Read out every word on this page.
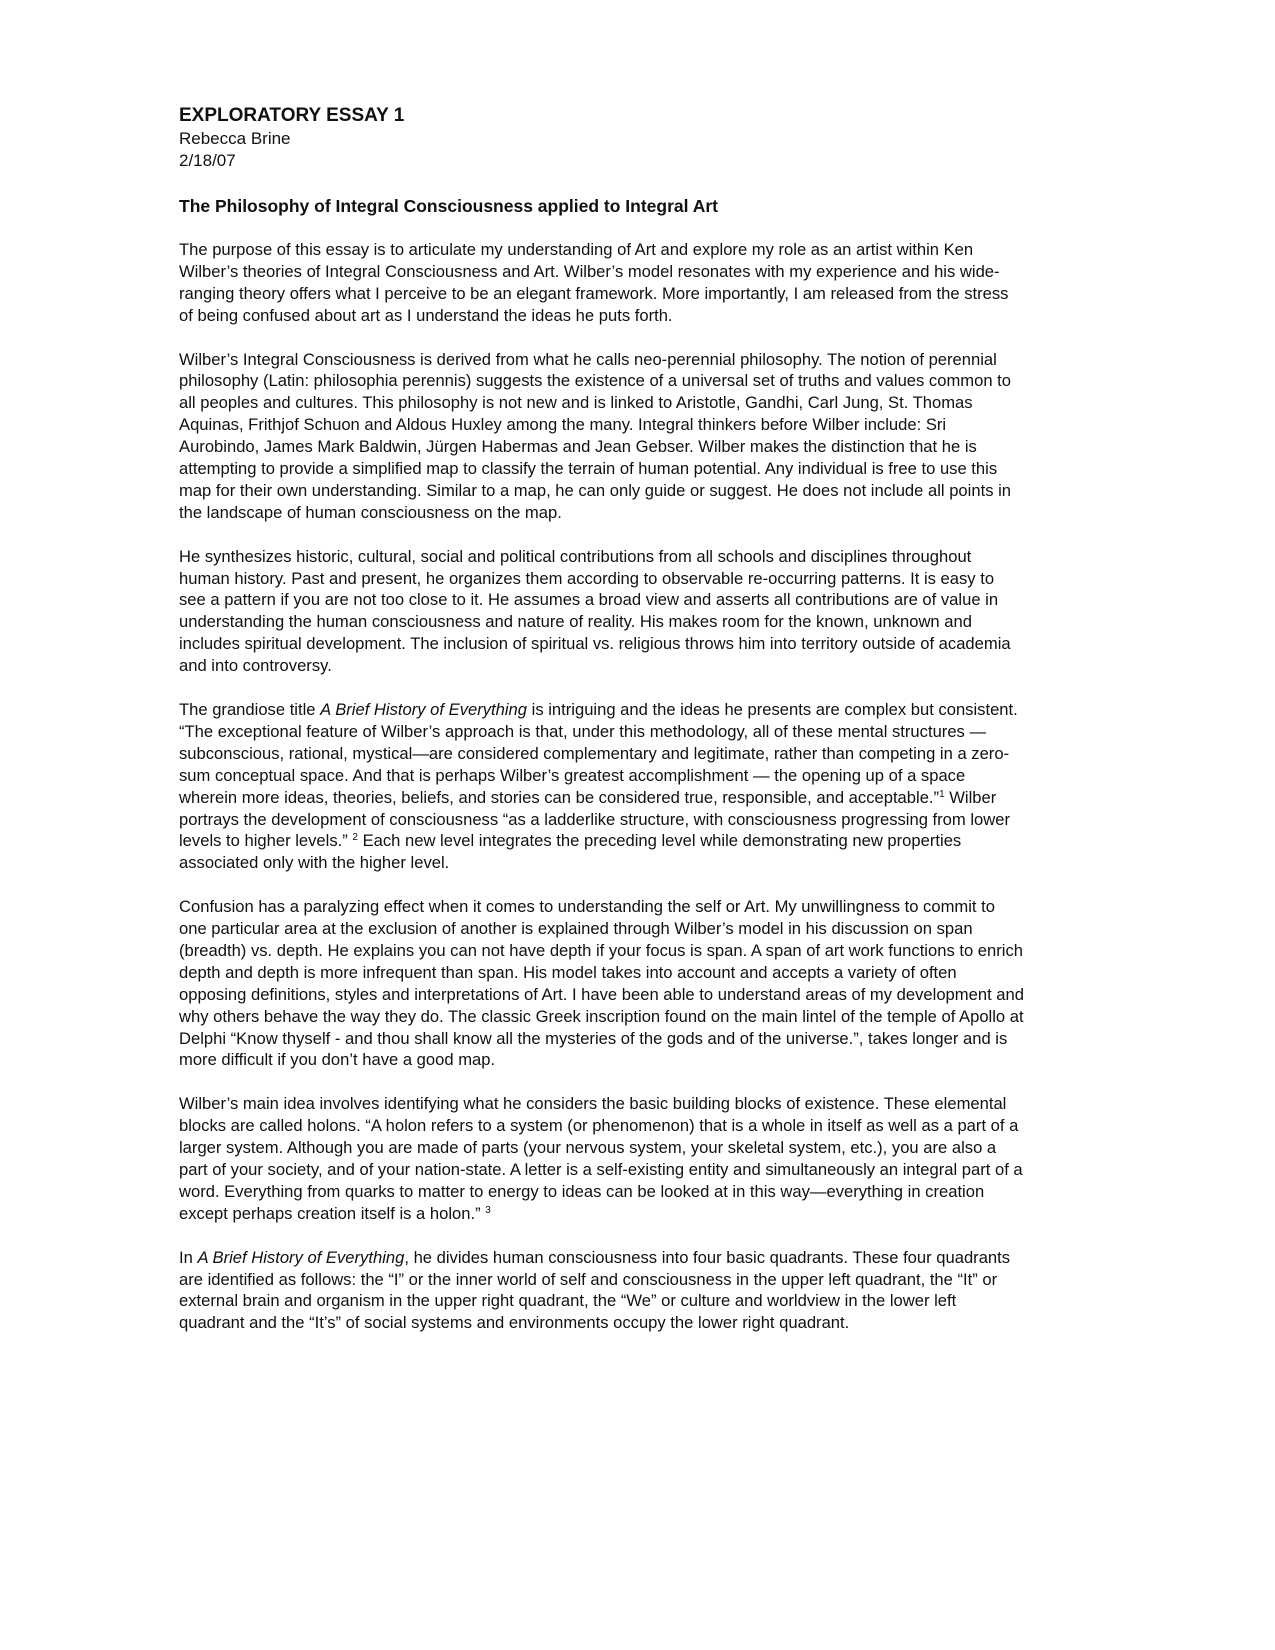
EXPLORATORY ESSAY 1

Rebecca Brine

2/18/07

The Philosophy of Integral Consciousness applied to Integral Art

The purpose of this essay is to articulate my understanding of Art and explore my role as an artist within Ken Wilber’s theories of Integral Consciousness and Art. Wilber’s model resonates with my experience and his wide-ranging theory offers what I perceive to be an elegant framework. More importantly, I am released from the stress of being confused about art as I understand the ideas he puts forth.

Wilber’s Integral Consciousness is derived from what he calls neo-perennial philosophy. The notion of perennial philosophy (Latin: philosophia perennis) suggests the existence of a universal set of truths and values common to all peoples and cultures. This philosophy is not new and is linked to Aristotle, Gandhi, Carl Jung, St. Thomas Aquinas, Frithjof Schuon and Aldous Huxley among the many. Integral thinkers before Wilber include: Sri Aurobindo, James Mark Baldwin, Jürgen Habermas and Jean Gebser. Wilber makes the distinction that he is attempting to provide a simplified map to classify the terrain of human potential. Any individual is free to use this map for their own understanding. Similar to a map, he can only guide or suggest. He does not include all points in the landscape of human consciousness on the map.

He synthesizes historic, cultural, social and political contributions from all schools and disciplines throughout human history. Past and present, he organizes them according to observable re-occurring patterns. It is easy to see a pattern if you are not too close to it. He assumes a broad view and asserts all contributions are of value in understanding the human consciousness and nature of reality. His makes room for the known, unknown and includes spiritual development. The inclusion of spiritual vs. religious throws him into territory outside of academia and into controversy.

The grandiose title A Brief History of Everything is intriguing and the ideas he presents are complex but consistent. “The exceptional feature of Wilber’s approach is that, under this methodology, all of these mental structures — subconscious, rational, mystical—are considered complementary and legitimate, rather than competing in a zero-sum conceptual space. And that is perhaps Wilber’s greatest accomplishment — the opening up of a space wherein more ideas, theories, beliefs, and stories can be considered true, responsible, and acceptable.”$^1$ Wilber portrays the development of consciousness “as a ladderlike structure, with consciousness progressing from lower levels to higher levels.” $^2$ Each new level integrates the preceding level while demonstrating new properties associated only with the higher level.

Confusion has a paralyzing effect when it comes to understanding the self or Art. My unwillingness to commit to one particular area at the exclusion of another is explained through Wilber’s model in his discussion on span (breadth) vs. depth. He explains you can not have depth if your focus is span. A span of art work functions to enrich depth and depth is more infrequent than span. His model takes into account and accepts a variety of often opposing definitions, styles and interpretations of Art. I have been able to understand areas of my development and why others behave the way they do. The classic Greek inscription found on the main lintel of the temple of Apollo at Delphi “Know thyself - and thou shall know all the mysteries of the gods and of the universe.”, takes longer and is more difficult if you don’t have a good map.

Wilber’s main idea involves identifying what he considers the basic building blocks of existence. These elemental blocks are called holons. “A holon refers to a system (or phenomenon) that is a whole in itself as well as a part of a larger system. Although you are made of parts (your nervous system, your skeletal system, etc.), you are also a part of your society, and of your nation-state. A letter is a self-existing entity and simultaneously an integral part of a word. Everything from quarks to matter to energy to ideas can be looked at in this way—everything in creation except perhaps creation itself is a holon.” $^3$

In A Brief History of Everything, he divides human consciousness into four basic quadrants. These four quadrants are identified as follows: the “I” or the inner world of self and consciousness in the upper left quadrant, the “It” or external brain and organism in the upper right quadrant, the “We” or culture and worldview in the lower left quadrant and the “It’s” of social systems and environments occupy the lower right quadrant.
